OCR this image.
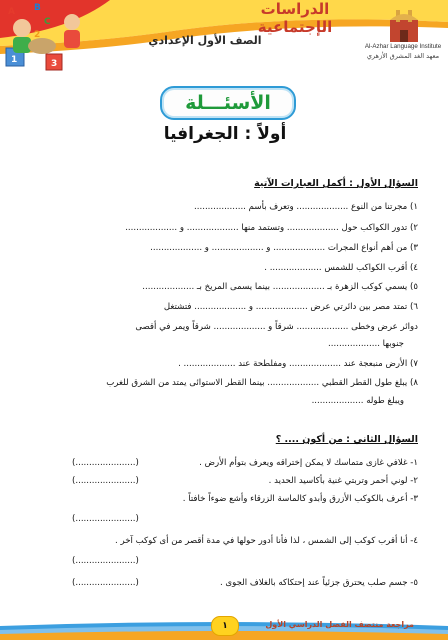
A B
C
1
2
3
الدراسات الإجتماعية
الصف الأول الإعدادي	Al-Azhar Language Institute
معهد الغد المشرق الأزهري
الأسئـــلة
أولاً : الجغرافيا
السؤال الأول : أكمل العبارات الآتية
١) مجرتنا من النوع ................... وتعرف بأسم ...................
٢) تدور الكواكب حول ................... وتستمد منها ................... و ...................
٣) من أهم أنواع المجرات ................... و ................... و ...................
٤) أقرب الكواكب للشمس ................... .
٥) يسمي كوكب الزهرة بـ ................... بينما يسمى المريخ بـ ...................
٦) تمتد مصر بين دائرتي عرض ................... و ................... فتشتغل
دوائر عرض وخطى ................... شرقاً و ................... شرقاً ويمر في أقصى
جنوبها ...................
٧) الأرض منبعجة عند ................... ومفلطحة عند ................... .
٨) يبلغ طول القطر القطبي ................... بينما القطر الاستوائى يمتد من الشرق للغرب
ويبلغ طوله ...................
السؤال الثاني : من أكون .... ؟
١- غلافي غازى متماسك لا يمكن إختراقه ويعرف بتوأم الأرض .
(......................)
٢- لوني أحمر وتربتي غنية بأكاسيد الحديد .
(......................)
٣- أعرف بالكوكب الأزرق وأبدو كالماسة الزرقاء وأشع ضوءاً خافتاً .
(......................)
٤- أنا أقرب كوكب إلى الشمس ، لذا فأنا أدور حولها في مدة أقصر من أى كوكب آخر .
(......................)
٥- جسم صلب يحترق جزئياً عند إحتكاكه بالغلاف الجوى .
(......................)
مراجعة منتصف الفصل الدراسي الأول
١
